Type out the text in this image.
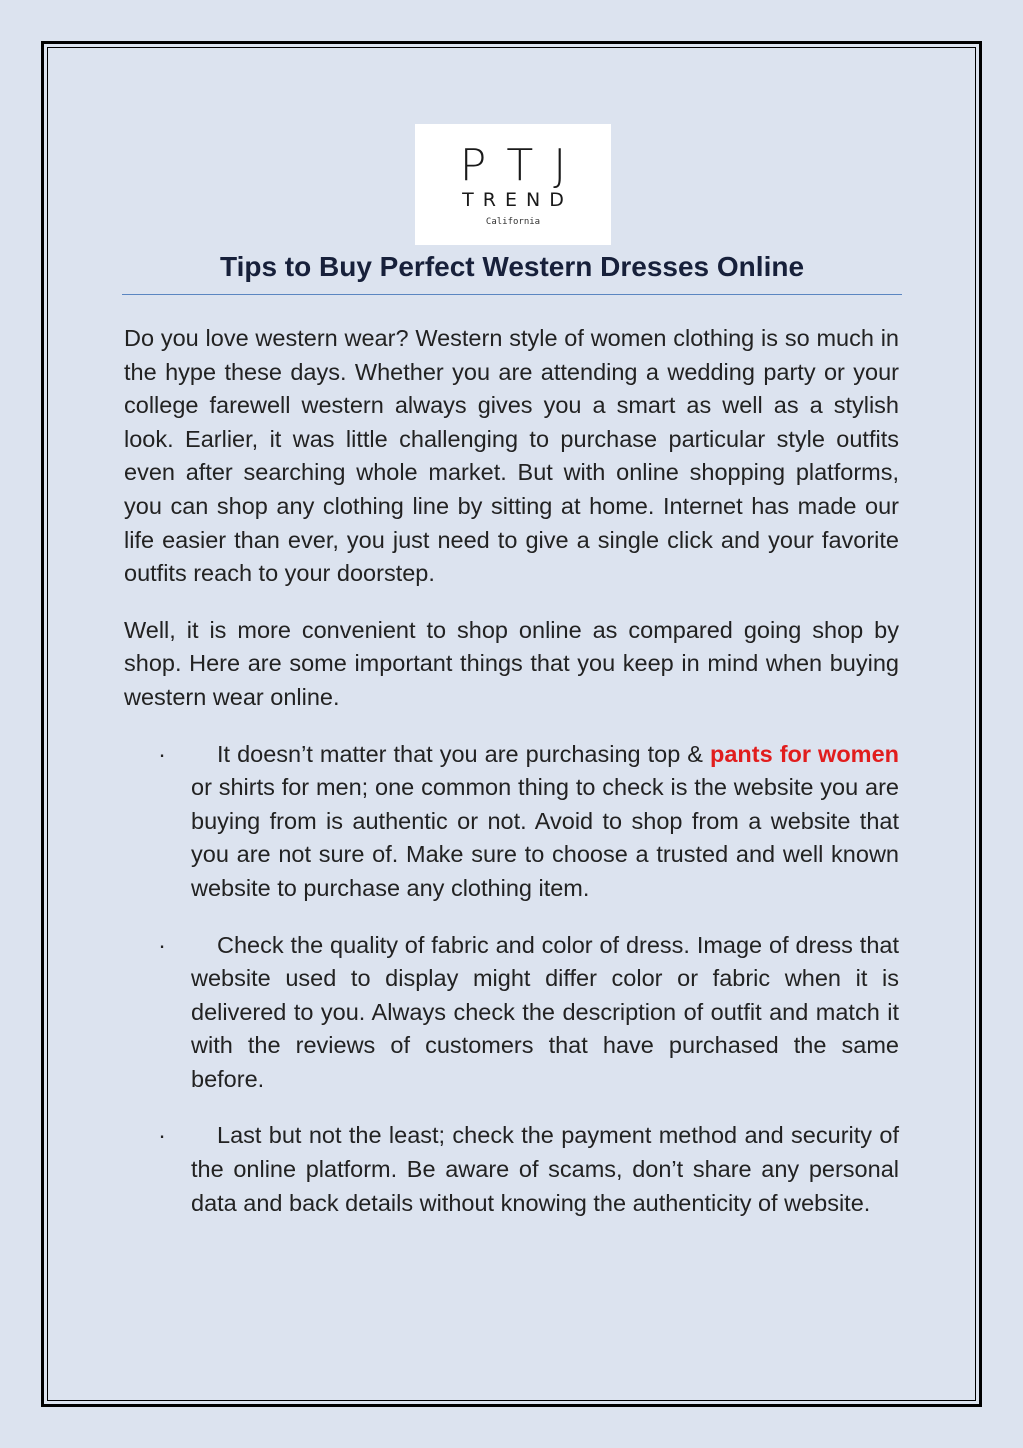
PTJ
TREND
California
Tips to Buy Perfect Western Dresses Online

Do you love western wear? Western style of women clothing is so much in the hype these days. Whether you are attending a wedding party or your college farewell western always gives you a smart as well as a stylish look. Earlier, it was little challenging to purchase particular style outfits even after searching whole market. But with online shopping platforms, you can shop any clothing line by sitting at home. Internet has made our life easier than ever, you just need to give a single click and your favorite outfits reach to your doorstep.

Well, it is more convenient to shop online as compared going shop by shop. Here are some important things that you keep in mind when buying western wear online.

· It doesn’t matter that you are purchasing top & pants for women or shirts for men; one common thing to check is the website you are buying from is authentic or not. Avoid to shop from a website that you are not sure of. Make sure to choose a trusted and well known website to purchase any clothing item.
· Check the quality of fabric and color of dress. Image of dress that website used to display might differ color or fabric when it is delivered to you. Always check the description of outfit and match it with the reviews of customers that have purchased the same before.
· Last but not the least; check the payment method and security of the online platform. Be aware of scams, don’t share any personal data and back details without knowing the authenticity of website.
